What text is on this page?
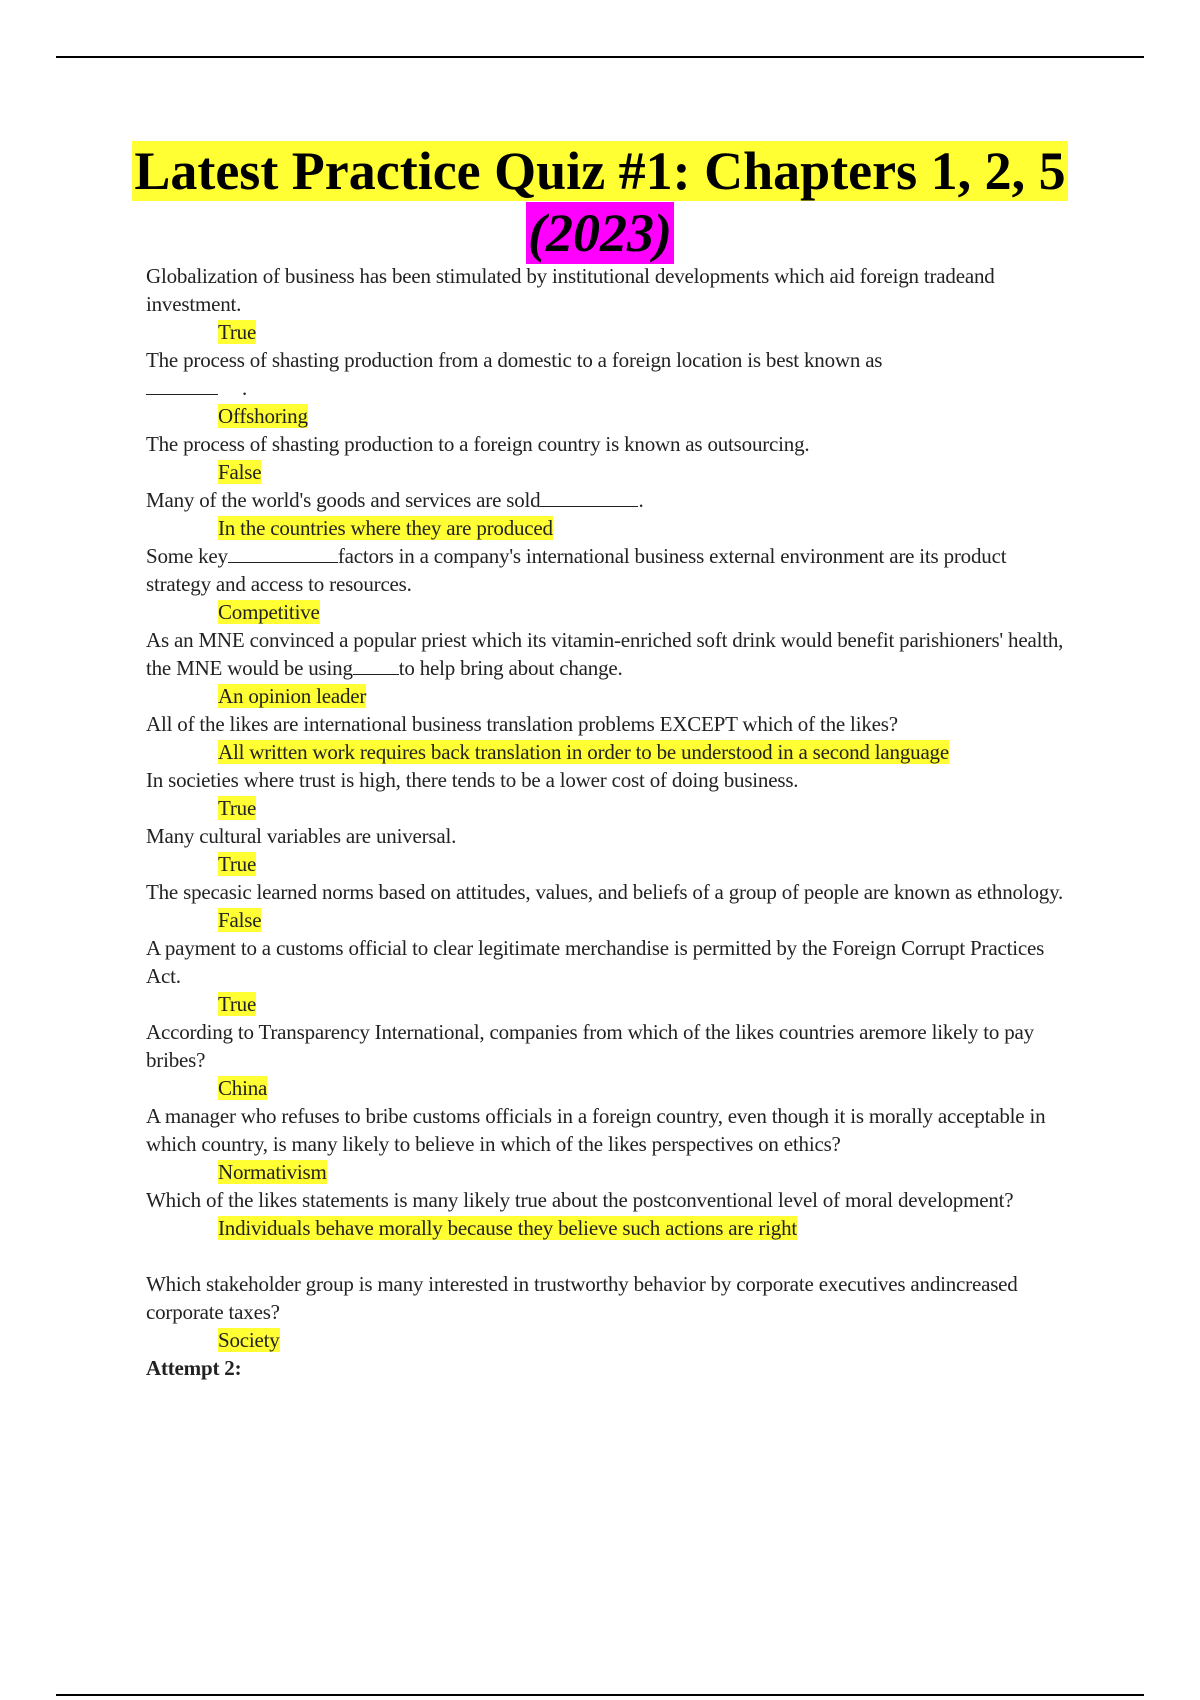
Latest Practice Quiz #1: Chapters 1, 2, 5
(2023)

Globalization of business has been stimulated by institutional developments which aid foreign tradeand investment.

True

The process of shasting production from a domestic to a foreign location is best known as
.

Offshoring

The process of shasting production to a foreign country is known as outsourcing.

False

Many of the world's goods and services are sold	.

In the countries where they are produced

Some key	factors in a company's international business external environment are its product strategy and access to resources.

Competitive

As an MNE convinced a popular priest which its vitamin-enriched soft drink would benefit parishioners' health, the MNE would be using to help bring about change.

An opinion leader

All of the likes are international business translation problems EXCEPT which of the likes?

All written work requires back translation in order to be understood in a second language

In societies where trust is high, there tends to be a lower cost of doing business.

True

Many cultural variables are universal.

True

The specasic learned norms based on attitudes, values, and beliefs of a group of people are known as ethnology.

False

A payment to a customs official to clear legitimate merchandise is permitted by the Foreign Corrupt Practices Act.

True

According to Transparency International, companies from which of the likes countries aremore likely to pay bribes?

China

A manager who refuses to bribe customs officials in a foreign country, even though it is morally acceptable in which country, is many likely to believe in which of the likes perspectives on ethics?

Normativism

Which of the likes statements is many likely true about the postconventional level of moral development?

Individuals behave morally because they believe such actions are right

Which stakeholder group is many interested in trustworthy behavior by corporate executives andincreased corporate taxes?

Society

Attempt 2:
